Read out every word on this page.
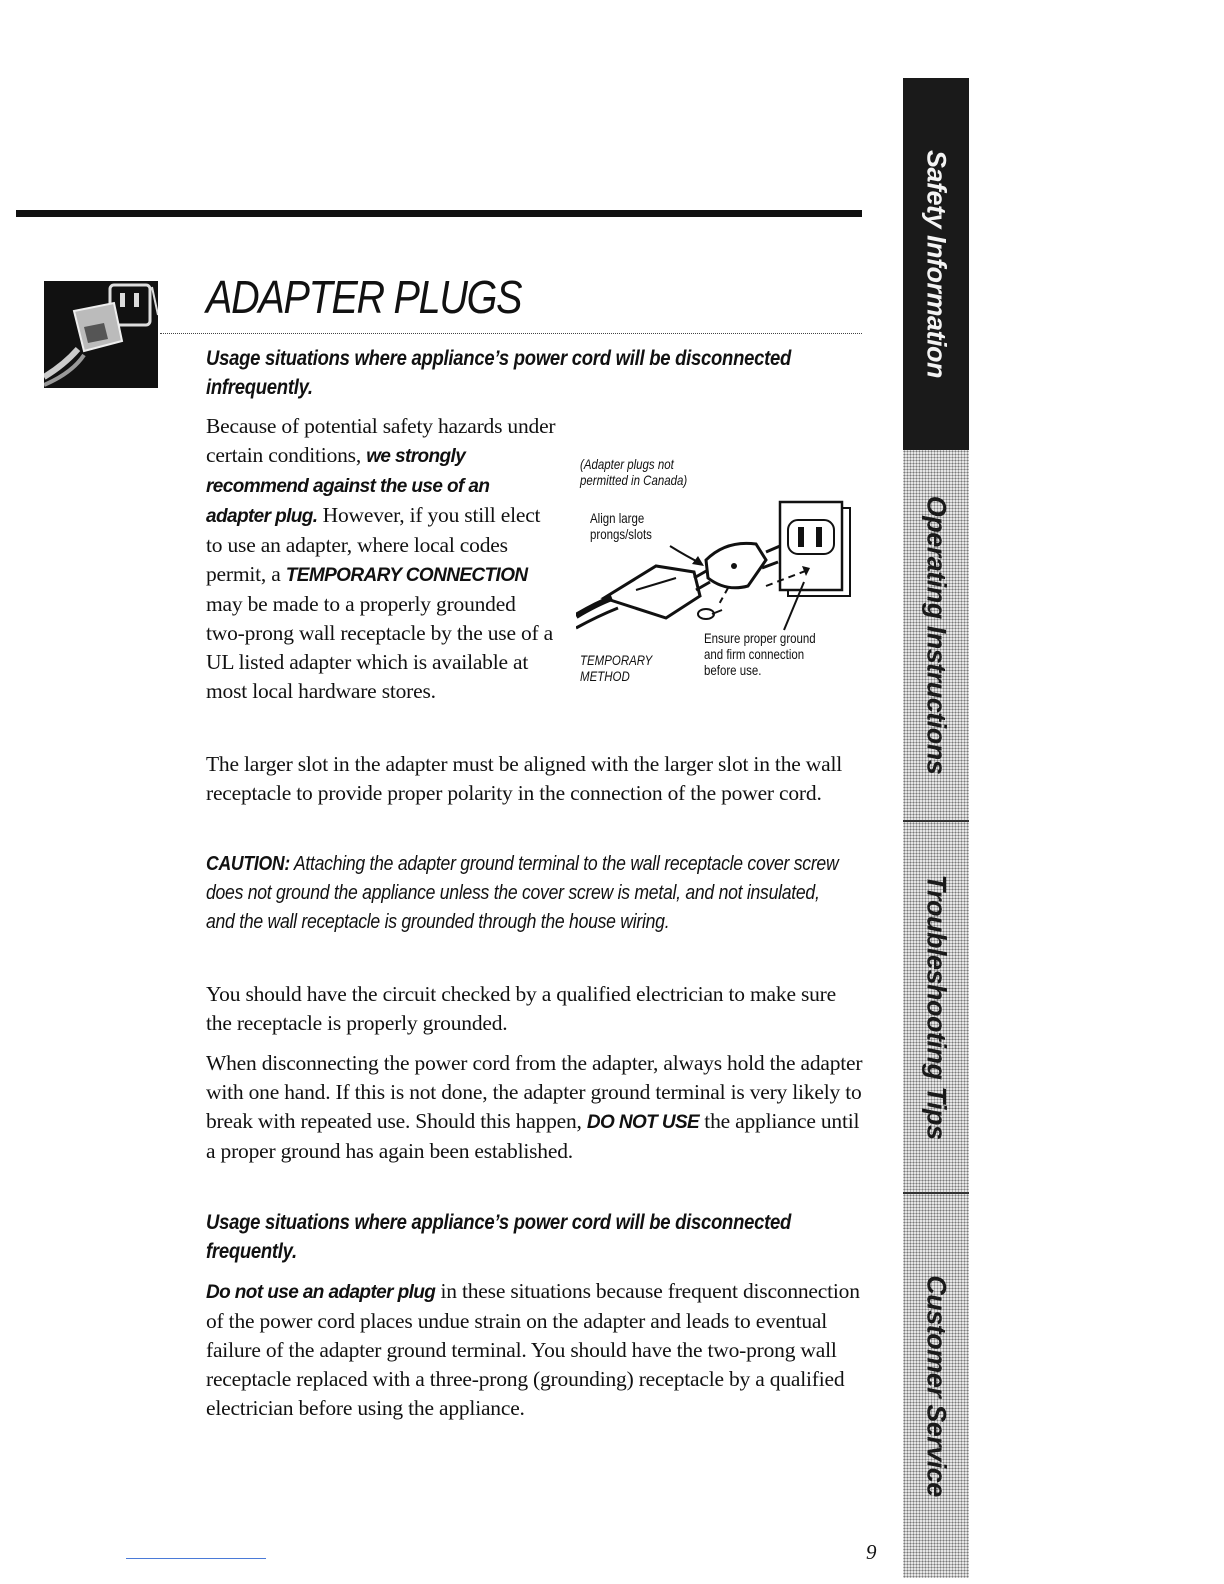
ADAPTER PLUGS
Usage situations where appliance’s power cord will be disconnected infrequently.
Because of potential safety hazards under certain conditions, we strongly recommend against the use of an adapter plug. However, if you still elect to use an adapter, where local codes permit, a TEMPORARY CONNECTION may be made to a properly grounded two-prong wall receptacle by the use of a UL listed adapter which is available at most local hardware stores.
(Adapter plugs not
permitted in Canada)
Align large
prongs/slots
TEMPORARY
METHOD
Ensure proper ground
and firm connection
before use.
The larger slot in the adapter must be aligned with the larger slot in the wall receptacle to provide proper polarity in the connection of the power cord.
CAUTION: Attaching the adapter ground terminal to the wall receptacle cover screw does not ground the appliance unless the cover screw is metal, and not insulated, and the wall receptacle is grounded through the house wiring.
You should have the circuit checked by a qualified electrician to make sure the receptacle is properly grounded.
When disconnecting the power cord from the adapter, always hold the adapter with one hand. If this is not done, the adapter ground terminal is very likely to break with repeated use. Should this happen, DO NOT USE the appliance until a proper ground has again been established.
Usage situations where appliance’s power cord will be disconnected frequently.
Do not use an adapter plug in these situations because frequent disconnection of the power cord places undue strain on the adapter and leads to eventual failure of the adapter ground terminal. You should have the two-prong wall receptacle replaced with a three-prong (grounding) receptacle by a qualified electrician before using the appliance.
Safety Information
Operating Instructions
Troubleshooting Tips
Customer Service
9
